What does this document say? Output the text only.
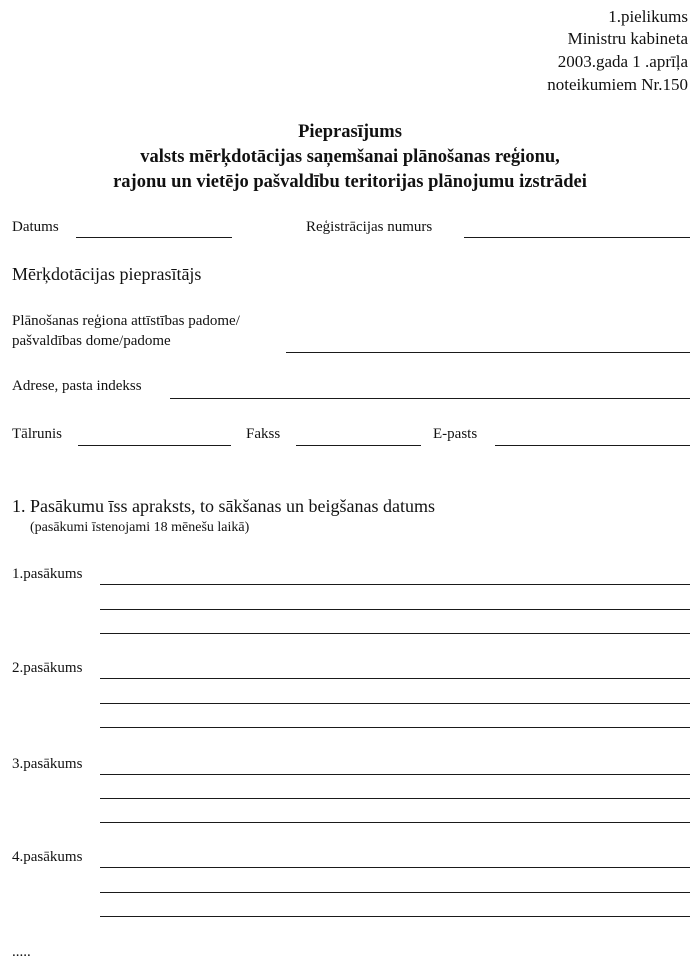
1.pielikums
Ministru kabineta
2003.gada 1 .aprīļa
noteikumiem Nr.150
Pieprasījums
valsts mērķdotācijas saņemšanai plānošanas reģionu,
rajonu un vietējo pašvaldību teritorijas plānojumu izstrādei
Datums	Reģistrācijas numurs
Mērķdotācijas pieprasītājs
Plānošanas reģiona attīstības padome/
pašvaldības dome/padome
Adrese, pasta indekss
Tālrunis	Fakss	E-pasts
1. Pasākumu īss apraksts, to sākšanas un beigšanas datums
(pasākumi īstenojami 18 mēnešu laikā)
1.pasākums
2.pasākums
3.pasākums
4.pasākums
.....
